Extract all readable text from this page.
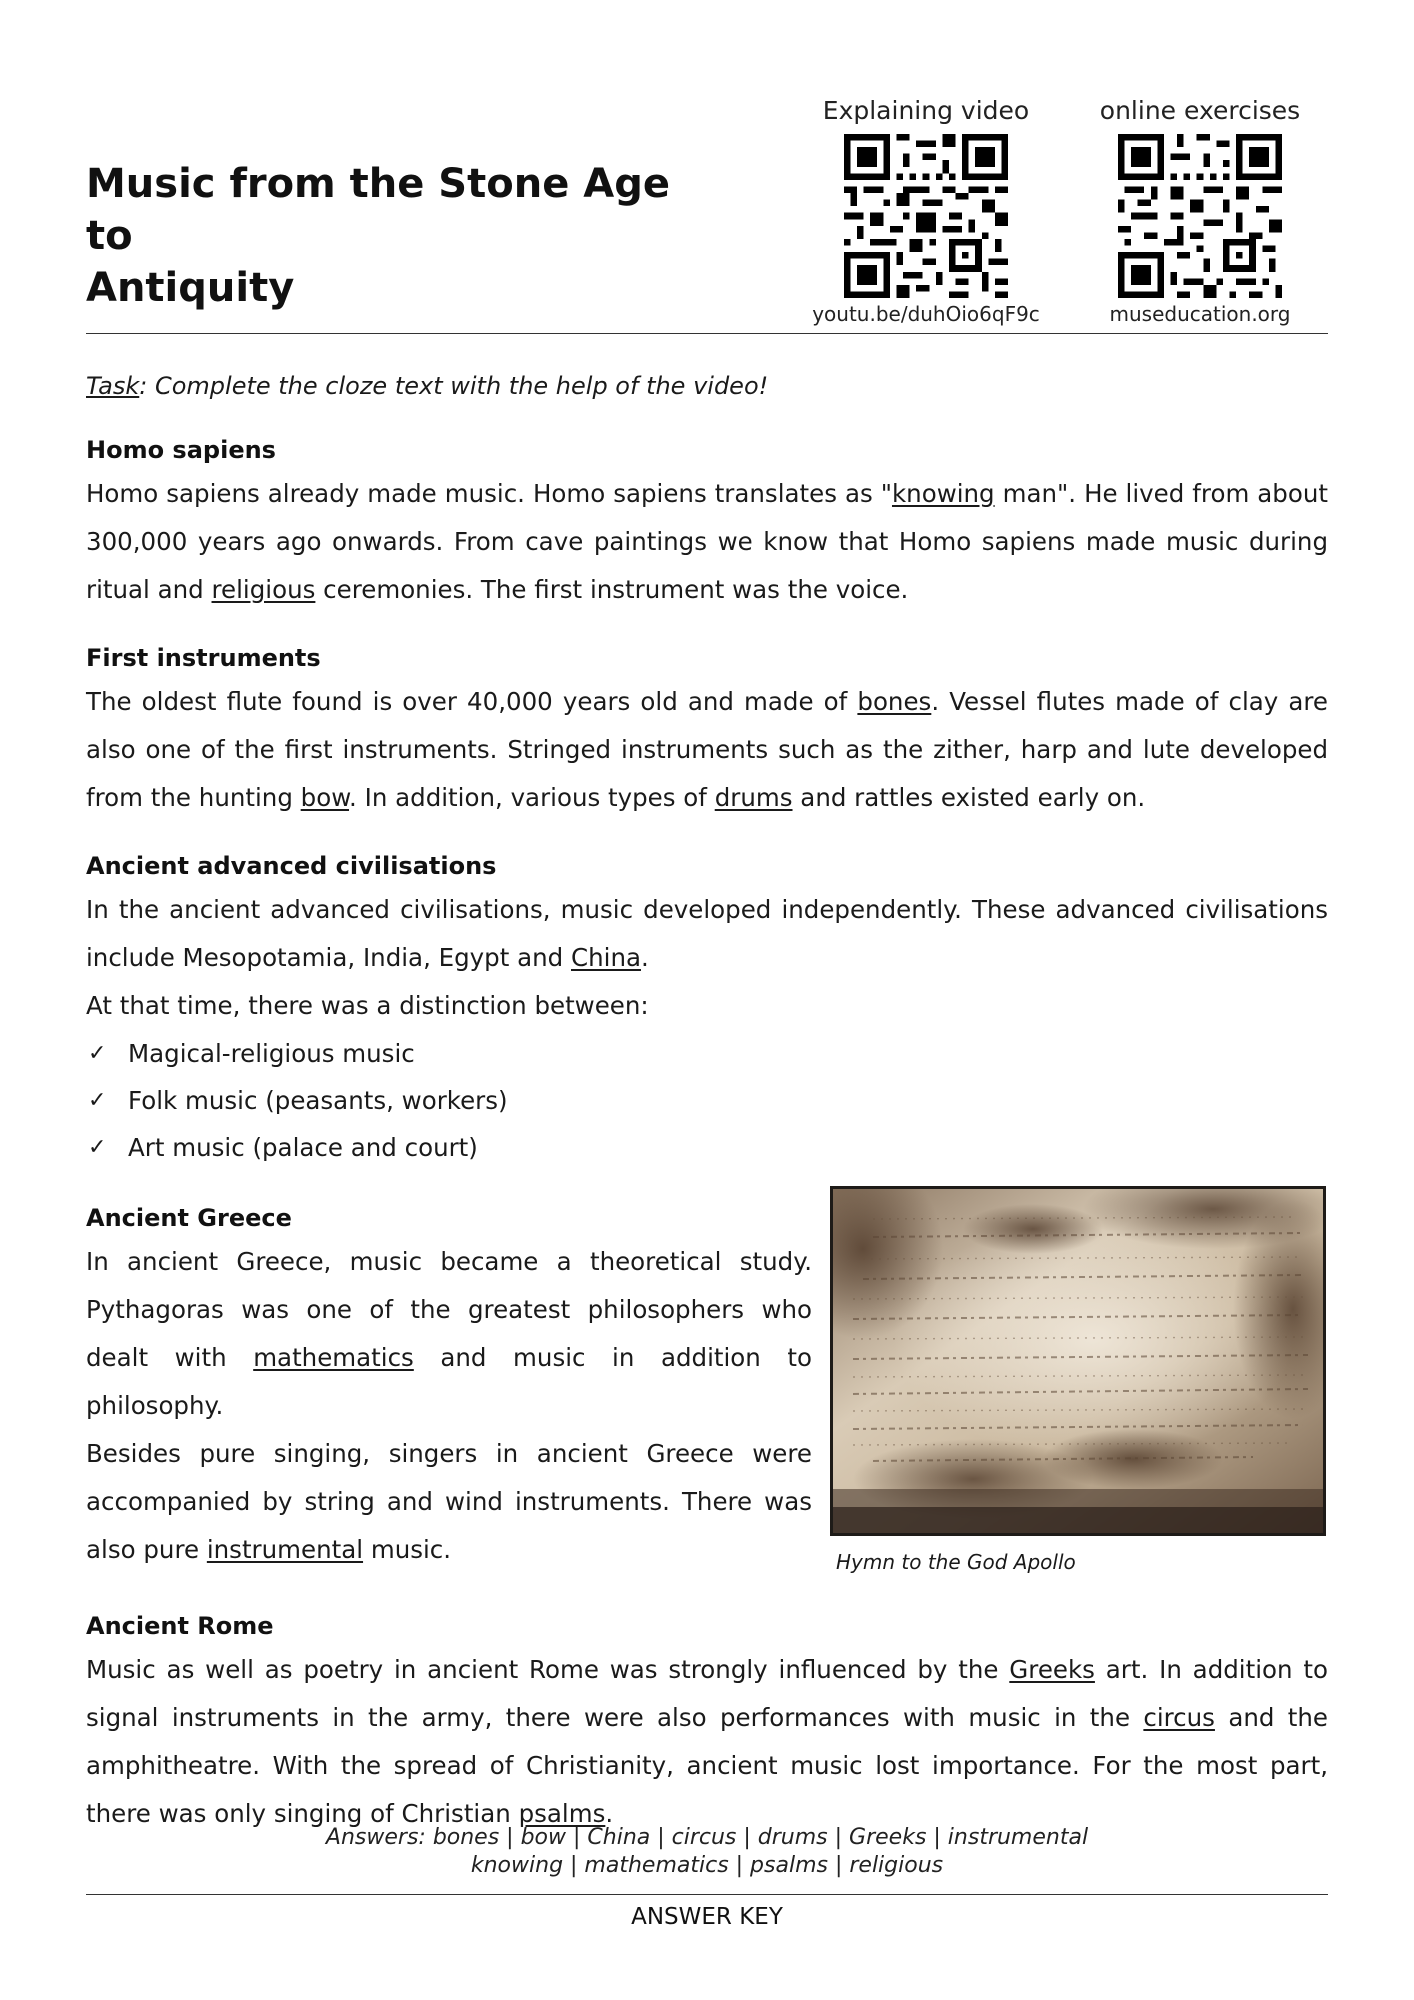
Music from the Stone Age to
Antiquity
Explaining video
youtu.be/duhOio6qF9c
online exercises
museducation.org
Task: Complete the cloze text with the help of the video!
Homo sapiens

Homo sapiens already made music. Homo sapiens translates as "knowing man". He lived from about 300,000 years ago onwards. From cave paintings we know that Homo sapiens made music during ritual and religious ceremonies. The first instrument was the voice.

First instruments

The oldest flute found is over 40,000 years old and made of bones. Vessel flutes made of clay are also one of the first instruments. Stringed instruments such as the zither, harp and lute developed from the hunting bow. In addition, various types of drums and rattles existed early on.

Ancient advanced civilisations

In the ancient advanced civilisations, music developed independently. These advanced civilisations include Mesopotamia, India, Egypt and China.

At that time, there was a distinction between:

✓ Magical-religious music
✓ Folk music (peasants, workers)
✓ Art music (palace and court)
Ancient Greece

In ancient Greece, music became a theoretical study. Pythagoras was one of the greatest philosophers who dealt with mathematics and music in addition to philosophy.

Besides pure singing, singers in ancient Greece were accompanied by string and wind instruments. There was also pure instrumental music.	Hymn to the God Apollo
Ancient Rome

Music as well as poetry in ancient Rome was strongly influenced by the Greeks art. In addition to signal instruments in the army, there were also performances with music in the circus and the amphitheatre. With the spread of Christianity, ancient music lost importance. For the most part, there was only singing of Christian psalms.

Answers: bones | bow | China | circus | drums | Greeks | instrumental
knowing | mathematics | psalms | religious
ANSWER KEY
